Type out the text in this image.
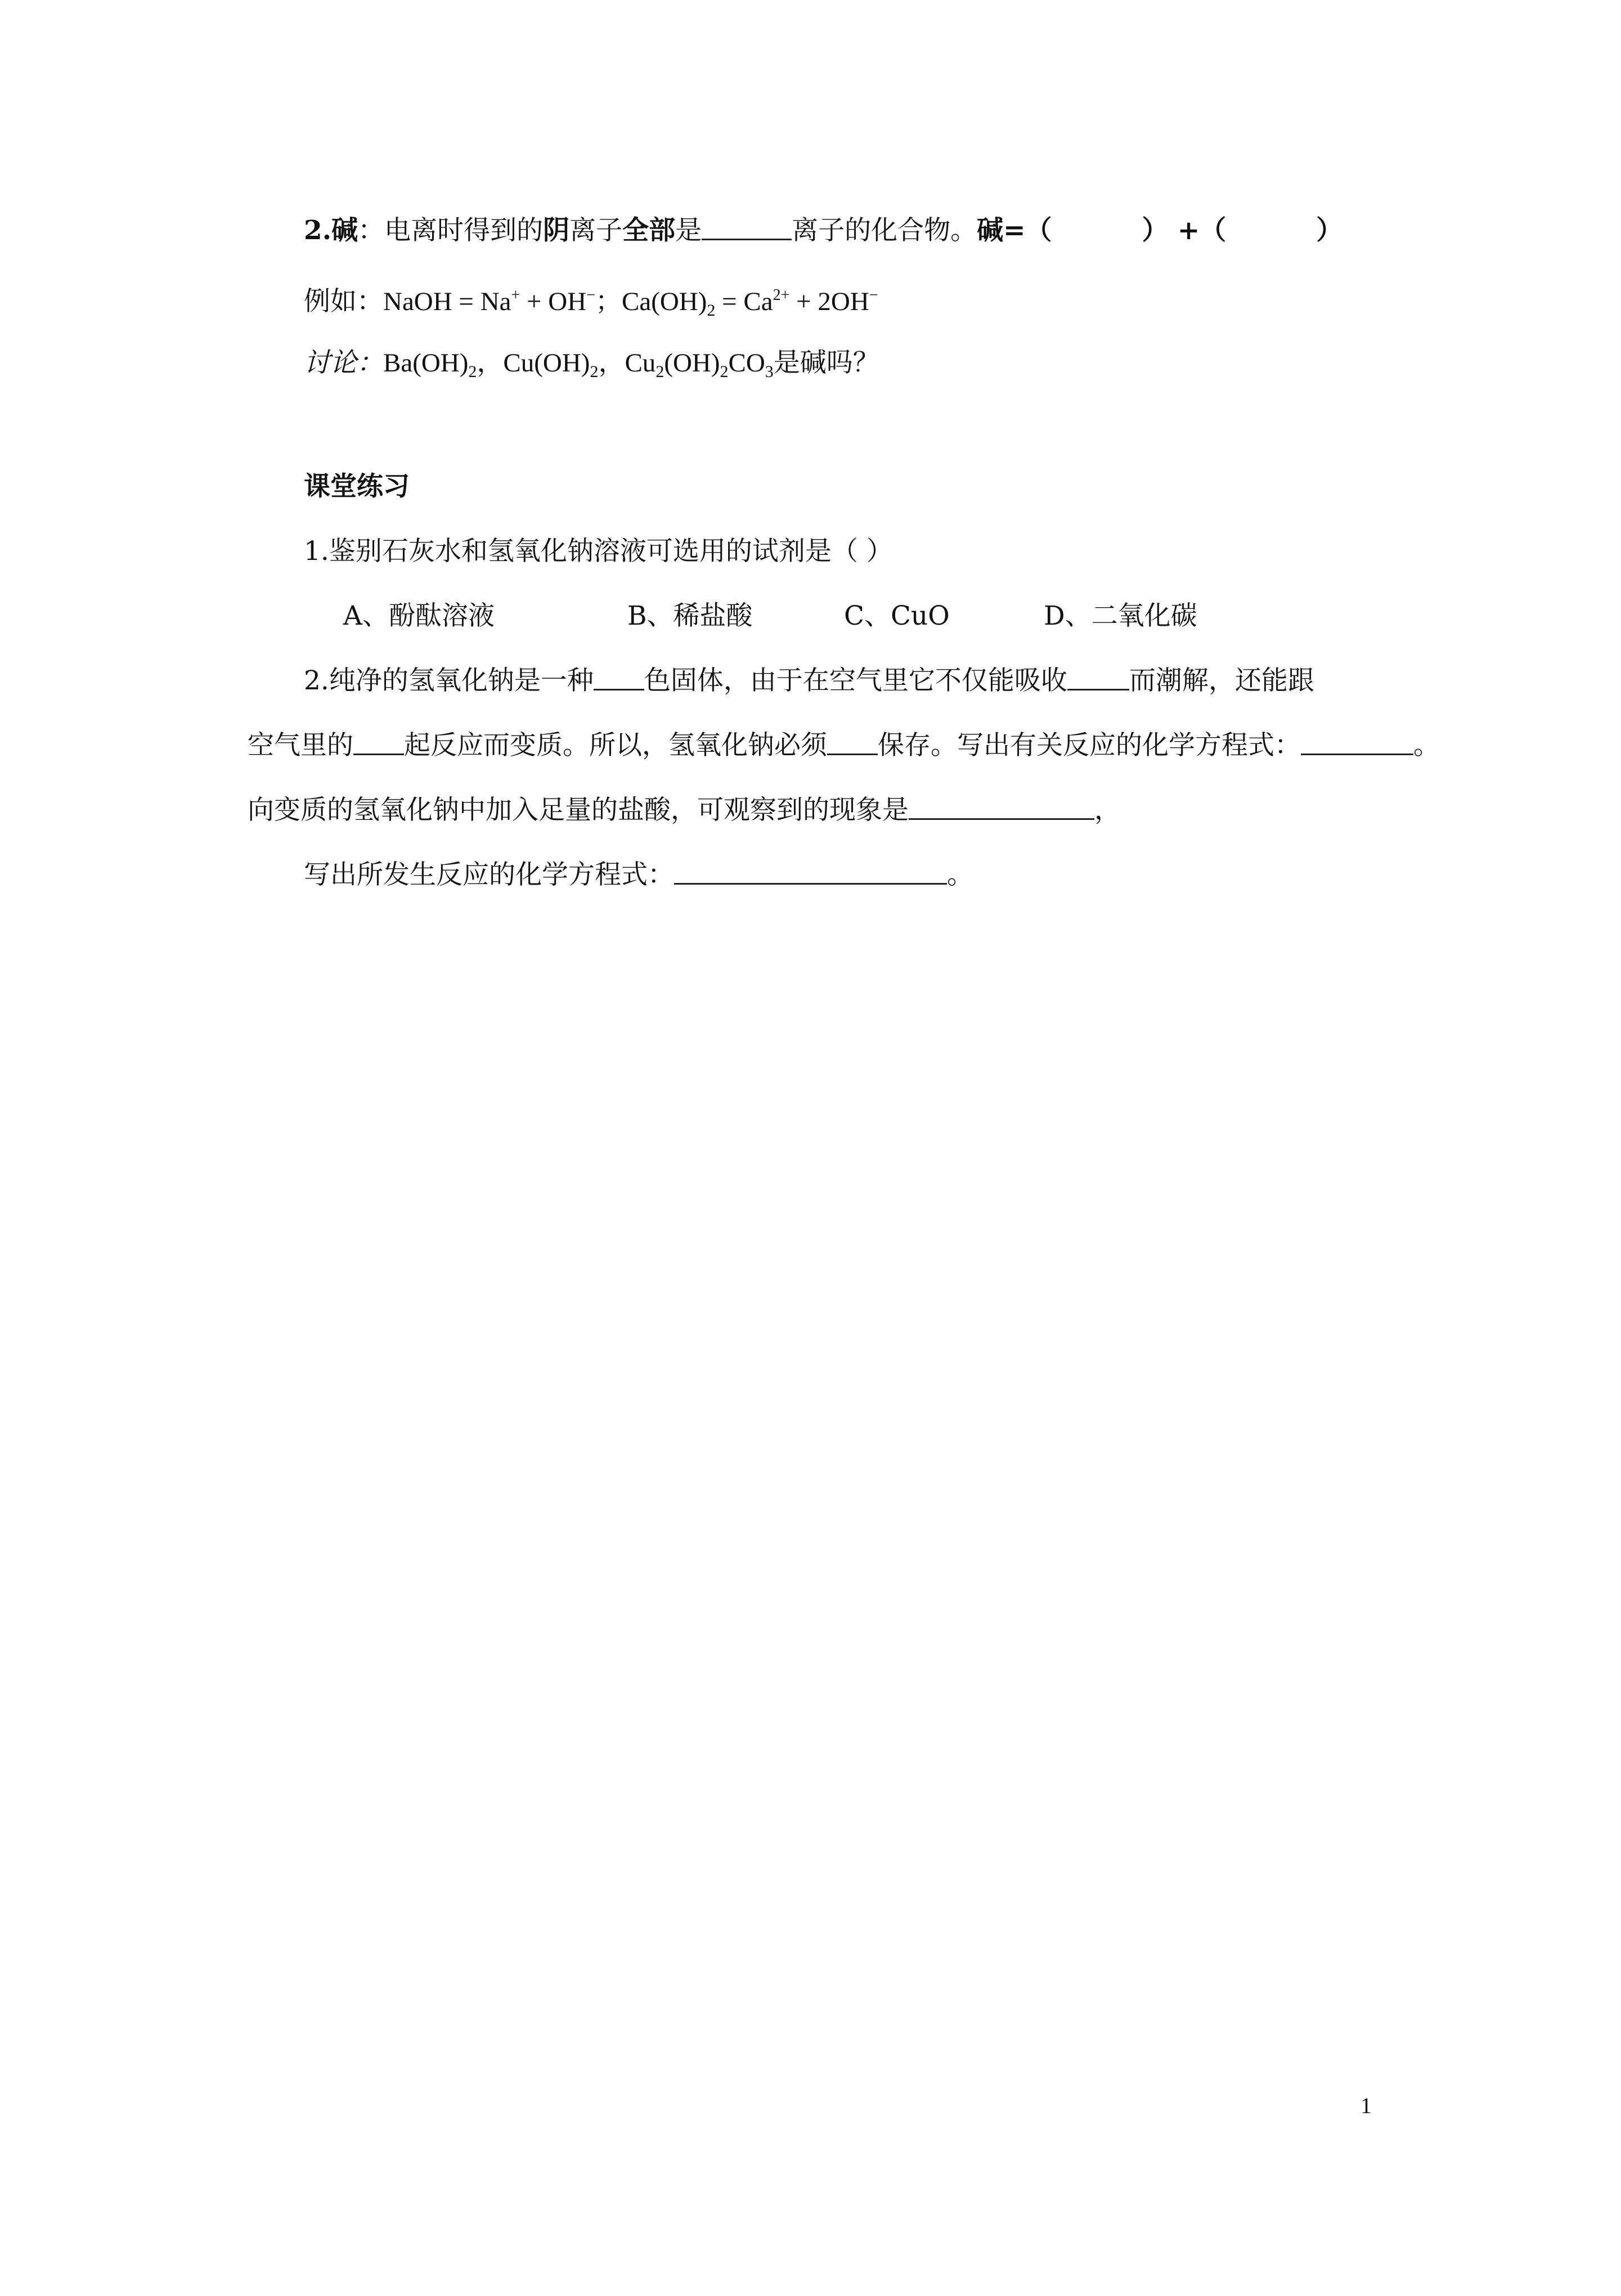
2.碱：电离时得到的阴离子全部是	离子的化合物。碱=（	） +（	）
例如：NaOH = Na+ + OH−；$Ca(OH)_2 = Ca^{2+} + 2OH^-$
讨论：$Ba(OH)_2$，$Cu(OH)_2$，$Cu_2(OH)_2CO_3$是碱吗？
课堂练习
1.鉴别石灰水和氢氧化钠溶液可选用的试剂是（ ）
A、酚酞溶液	B、稀盐酸	C、CuO	D、二氧化碳
2.纯净的氢氧化钠是一种 色固体，由于在空气里它不仅能吸收 而潮解，还能跟
空气里的 起反应而变质。所以，氢氧化钠必须 保存。写出有关反应的化学方程式：	。
向变质的氢氧化钠中加入足量的盐酸，可观察到的现象是	，
写出所发生反应的化学方程式：	。
1
